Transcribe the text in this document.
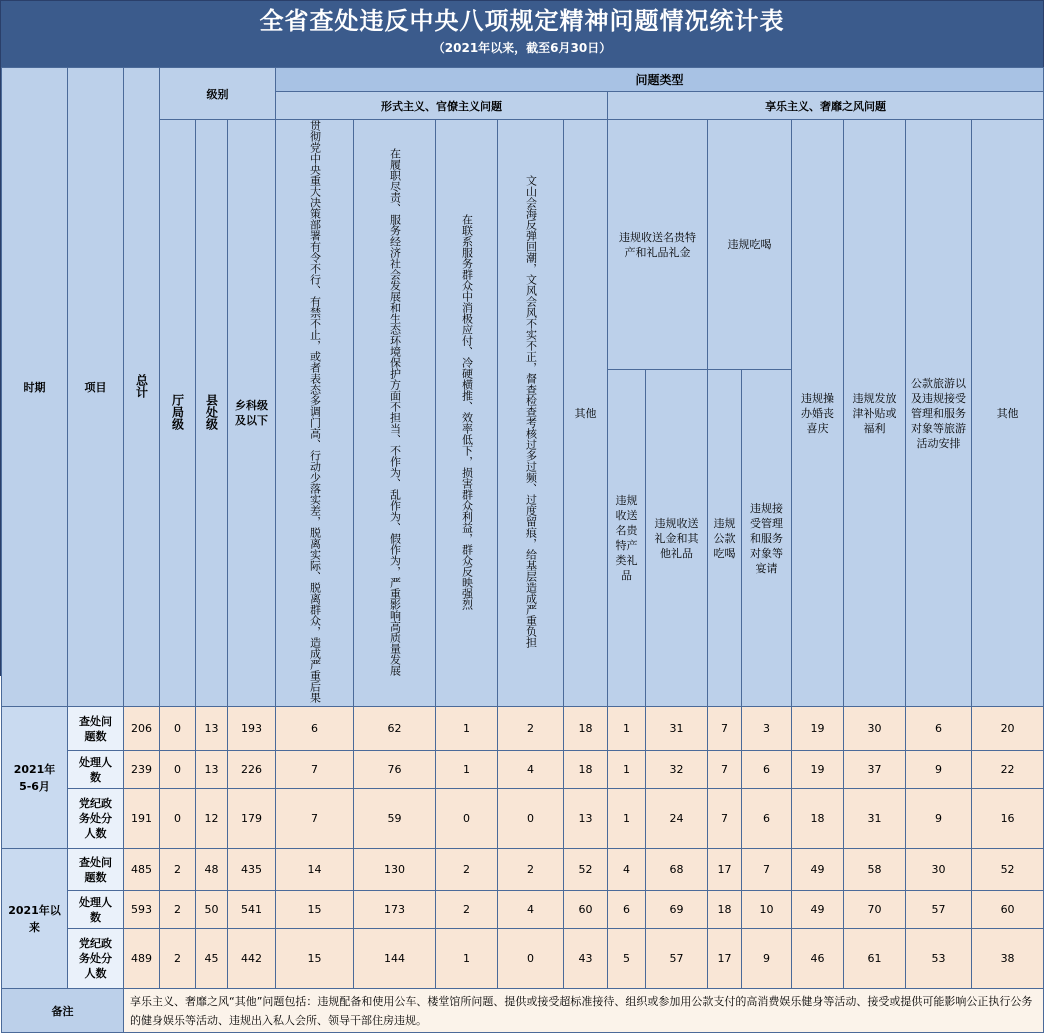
全省查处违反中央八项规定精神问题情况统计表
（2021年以来，截至6月30日）
时期	项目	总计	级别			问题类型												
						形式主义、官僚主义问题					享乐主义、奢靡之风问题							
			厅局级	县处级	乡科级及以下	贯彻党中央重大决策部署有令不行、有禁不止，或者表态多调门高、行动少落实差，脱离实际、脱离群众，造成严重后果	在履职尽责、服务经济社会发展和生态环境保护方面不担当、不作为、乱作为、假作为，严重影响高质量发展	在联系服务群众中消极应付、冷硬横推、效率低下，损害群众利益，群众反映强烈	文山会海反弹回潮，文风会风不实不正，督查检查考核过多过频、过度留痕，给基层造成严重负担	其他	违规收送名贵特产和礼品礼金		违规吃喝		违规操办婚丧喜庆	违规发放津补贴或福利	公款旅游以及违规接受管理和服务对象等旅游活动安排	其他
											违规收送名贵特产类礼品	违规收送礼金和其他礼品	违规公款吃喝	违规接受管理和服务对象等宴请				
2021年5-6月	查处问题数	206	0	13	193	6	62	1	2	18	1	31	7	3	19	30	6	20
	处理人数	239	0	13	226	7	76	1	4	18	1	32	7	6	19	37	9	22
	党纪政务处分人数	191	0	12	179	7	59	0	0	13	1	24	7	6	18	31	9	16
2021年以来	查处问题数	485	2	48	435	14	130	2	2	52	4	68	17	7	49	58	30	52
	处理人数	593	2	50	541	15	173	2	4	60	6	69	18	10	49	70	57	60
	党纪政务处分人数	489	2	45	442	15	144	1	0	43	5	57	17	9	46	61	53	38
备注		享乐主义、奢靡之风“其他”问题包括：违规配备和使用公车、楼堂馆所问题、提供或接受超标准接待、组织或参加用公款支付的高消费娱乐健身等活动、接受或提供可能影响公正执行公务的健身娱乐等活动、违规出入私人会所、领导干部住房违规。																
